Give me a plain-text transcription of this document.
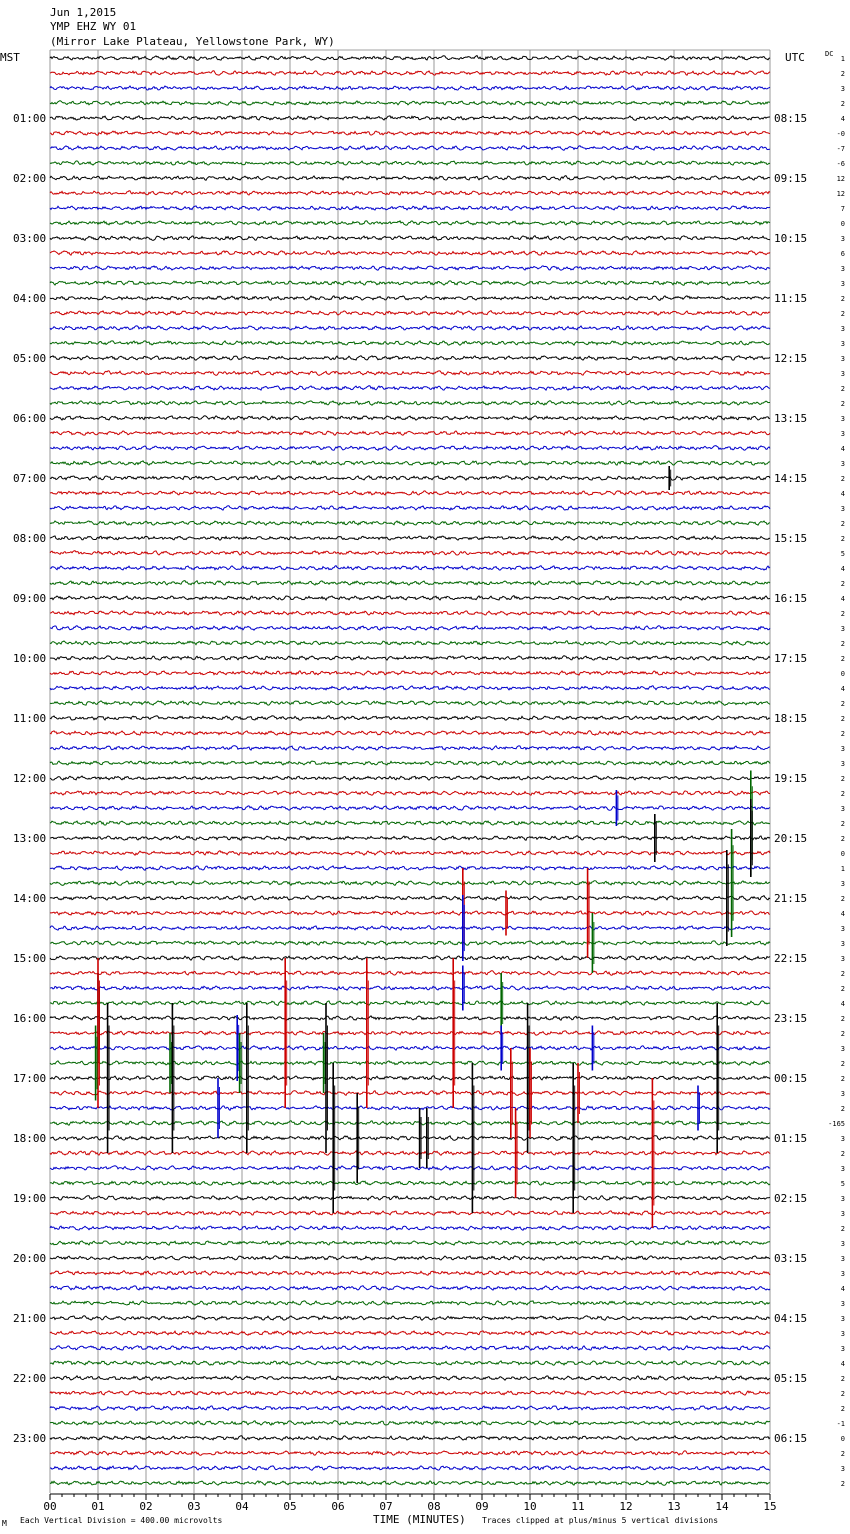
Jun 1,2015
YMP EHZ WY 01
(Mirror Lake Plateau, Yellowstone Park, WY)
MST	UTC	DC
01:00
02:00
03:00
04:00
05:00
06:00
07:00
08:00
09:00
10:00
11:00
12:00
13:00
14:00
15:00
16:00
17:00
18:00
19:00
20:00
21:00
22:00
23:00
08:15
09:15
10:15
11:15
12:15
13:15
14:15
15:15
16:15
17:15
18:15
19:15
20:15
21:15
22:15
23:15
00:15
01:15
02:15
03:15
04:15
05:15
06:15
1
2
3
2
4
-0
-7
-6
12
12
7
0
3
6
3
3
2
2
3
3
3
3
2
2
3
3
4
3
2
4
3
2
2
5
4
2
4
2
3
2
2
0
4
2
2
2
3
3
2
2
3
2
2
0
1
3
2
4
3
3
3
2
2
4
2
2
3
2
2
3
2
-165
3
2
3
5
3
3
2
3
3
3
4
3
3
3
3
4
2
2
2
-1
0
2
3
2
00	01	02	03	04	05	06	07	08	09	10	11	12	13	14	15
TIME (MINUTES)
Each Vertical Division = 400.00 microvolts	Traces clipped at plus/minus 5 vertical divisions
M
